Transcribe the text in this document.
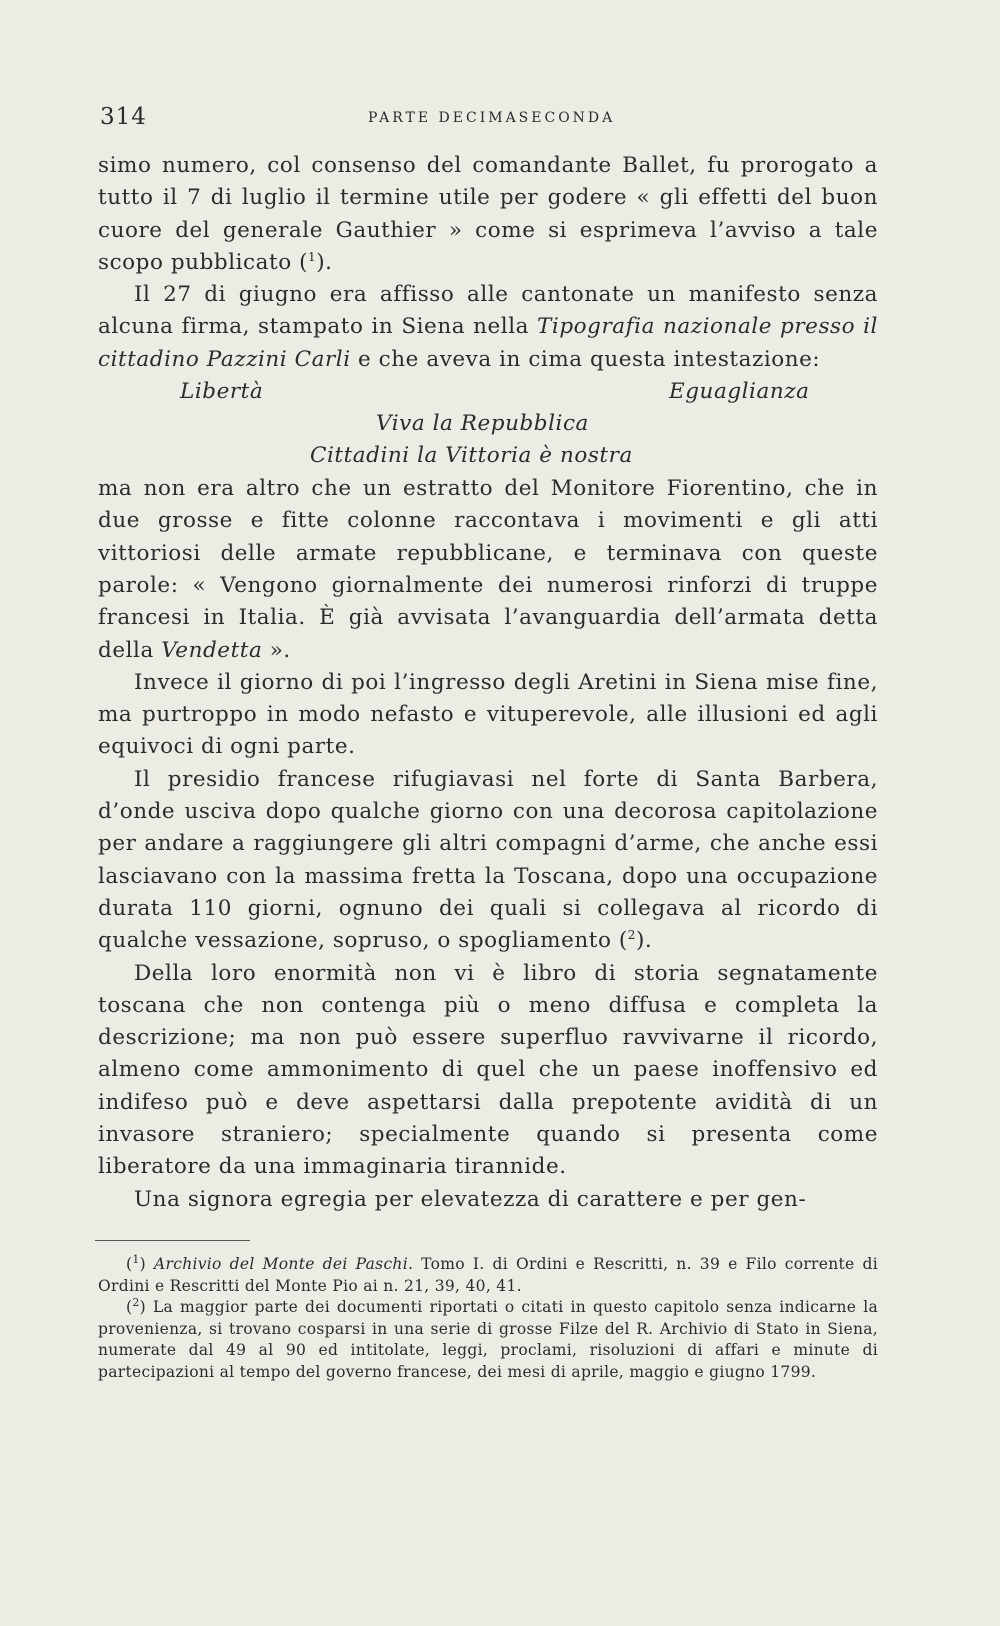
314	PARTE DECIMASECONDA

simo numero, col consenso del comandante Ballet, fu prorogato a tutto il 7 di luglio il termine utile per godere « gli effetti del buon cuore del generale Gauthier » come si esprimeva l’avviso a tale scopo pubblicato ($^1$).

Il 27 di giugno era affisso alle cantonate un manifesto senza alcuna firma, stampato in Siena nella Tipografia nazionale presso il cittadino Pazzini Carli e che aveva in cima questa intestazione:

Libertà	Eguaglianza
Viva la Repubblica
Cittadini la Vittoria è nostra

ma non era altro che un estratto del Monitore Fiorentino, che in due grosse e fitte colonne raccontava i movimenti e gli atti vittoriosi delle armate repubblicane, e terminava con queste parole: « Vengono giornalmente dei numerosi rinforzi di truppe francesi in Italia. È già avvisata l’avanguardia dell’armata detta della Vendetta ».

Invece il giorno di poi l’ingresso degli Aretini in Siena mise fine, ma purtroppo in modo nefasto e vituperevole, alle illusioni ed agli equivoci di ogni parte.

Il presidio francese rifugiavasi nel forte di Santa Barbera, d’onde usciva dopo qualche giorno con una decorosa capitolazione per andare a raggiungere gli altri compagni d’arme, che anche essi lasciavano con la massima fretta la Toscana, dopo una occupazione durata 110 giorni, ognuno dei quali si collegava al ricordo di qualche vessazione, sopruso, o spogliamento ($^2$).

Della loro enormità non vi è libro di storia segnatamente toscana che non contenga più o meno diffusa e completa la descrizione; ma non può essere superfluo ravvivarne il ricordo, almeno come ammonimento di quel che un paese inoffensivo ed indifeso può e deve aspettarsi dalla prepotente avidità di un invasore straniero; specialmente quando si presenta come liberatore da una immaginaria tirannide.

Una signora egregia per elevatezza di carattere e per gen-

($^1$) Archivio del Monte dei Paschi. Tomo I. di Ordini e Rescritti, n. 39 e Filo corrente di Ordini e Rescritti del Monte Pio ai n. 21, 39, 40, 41.

($^2$) La maggior parte dei documenti riportati o citati in questo capitolo senza indicarne la provenienza, si trovano cosparsi in una serie di grosse Filze del R. Archivio di Stato in Siena, numerate dal 49 al 90 ed intitolate, leggi, proclami, risoluzioni di affari e minute di partecipazioni al tempo del governo francese, dei mesi di aprile, maggio e giugno 1799.
